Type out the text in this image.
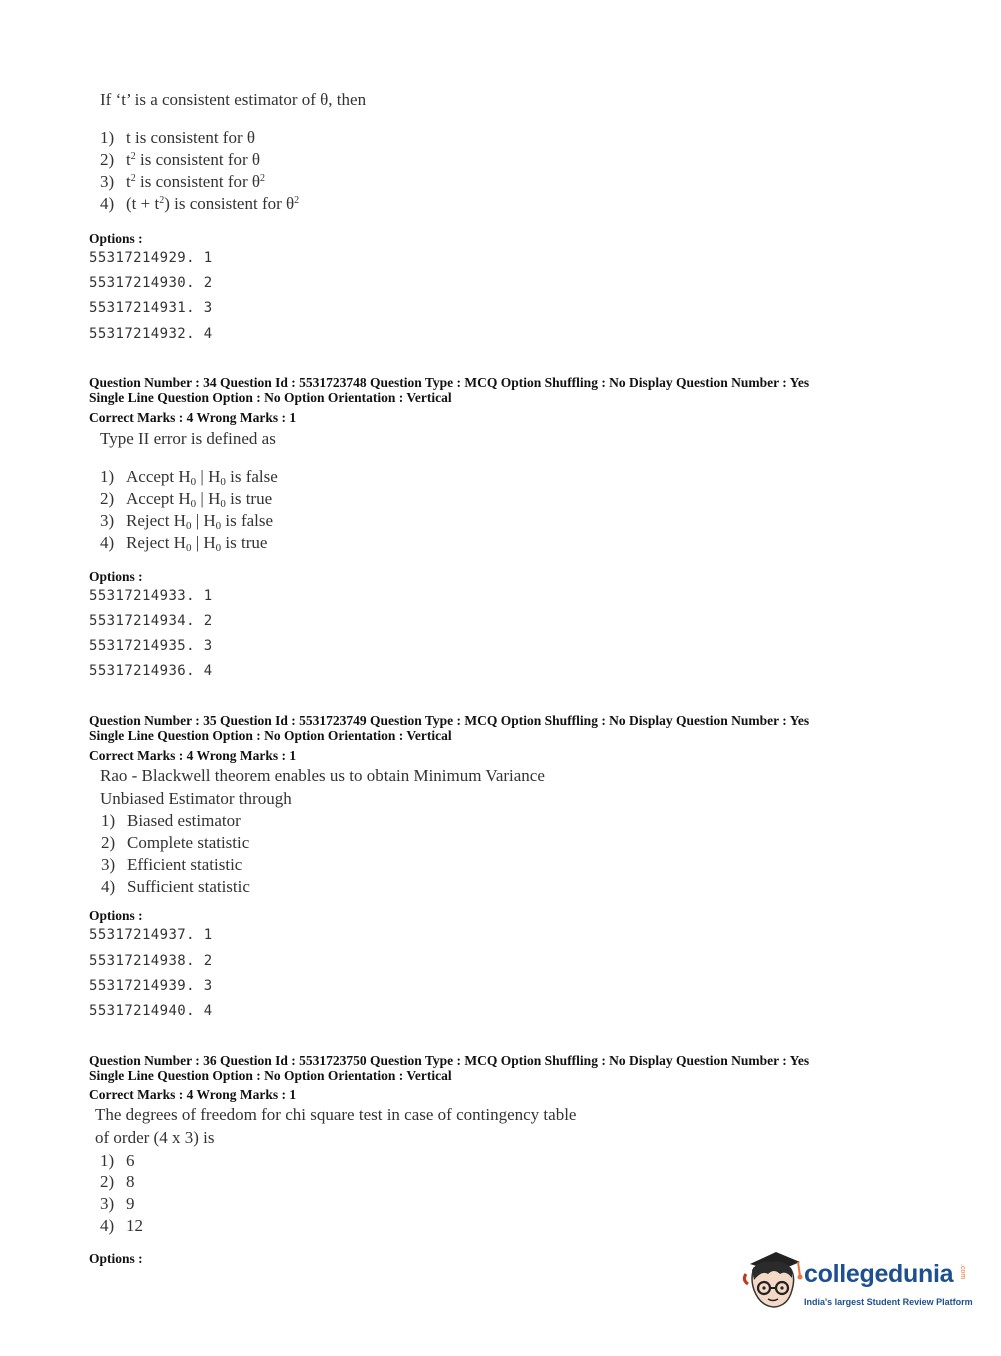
If ‘t’ is a consistent estimator of θ, then
1) t is consistent for θ
2) $t^2$ is consistent for θ
3) $t^2$ is consistent for $\theta^2$
4) $(t + t^2)$ is consistent for $\theta^2$
Options :
55317214929. 1
55317214930. 2
55317214931. 3
55317214932. 4
Question Number : 34 Question Id : 5531723748 Question Type : MCQ Option Shuffling : No Display Question Number : Yes
Single Line Question Option : No Option Orientation : Vertical
Correct Marks : 4 Wrong Marks : 1
Type II error is defined as
1) Accept $H_0$ | $H_0$ is false
2) Accept $H_0$ | $H_0$ is true
3) Reject $H_0$ | $H_0$ is false
4) Reject $H_0$ | $H_0$ is true
Options :
55317214933. 1
55317214934. 2
55317214935. 3
55317214936. 4
Question Number : 35 Question Id : 5531723749 Question Type : MCQ Option Shuffling : No Display Question Number : Yes
Single Line Question Option : No Option Orientation : Vertical
Correct Marks : 4 Wrong Marks : 1
Rao - Blackwell theorem enables us to obtain Minimum Variance
Unbiased Estimator through
1) Biased estimator
2) Complete statistic
3) Efficient statistic
4) Sufficient statistic
Options :
55317214937. 1
55317214938. 2
55317214939. 3
55317214940. 4
Question Number : 36 Question Id : 5531723750 Question Type : MCQ Option Shuffling : No Display Question Number : Yes
Single Line Question Option : No Option Orientation : Vertical
Correct Marks : 4 Wrong Marks : 1
The degrees of freedom for chi square test in case of contingency table
of order (4 x 3) is
1) 6
2) 8
3) 9
4) 12
Options :
collegedunia .com
India's largest Student Review Platform
